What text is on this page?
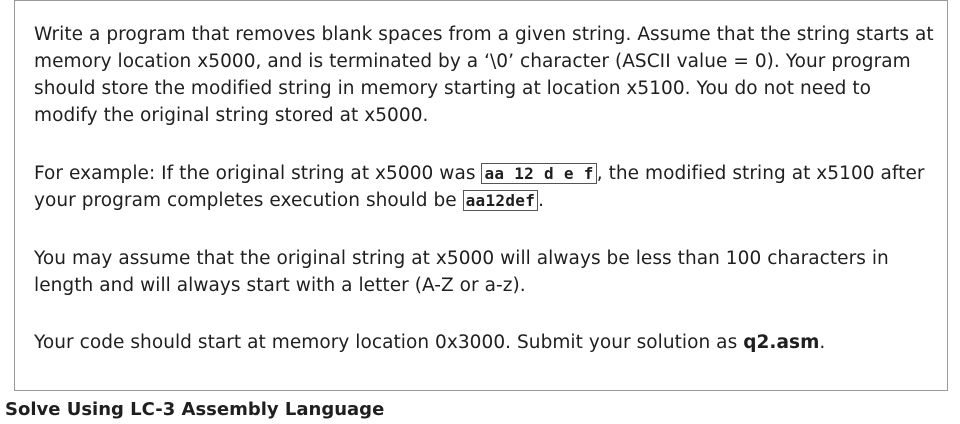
Write a program that removes blank spaces from a given string. Assume that the string starts at memory location x5000, and is terminated by a ‘\0’ character (ASCII value = 0). Your program should store the modified string in memory starting at location x5100. You do not need to modify the original string stored at x5000.

For example: If the original string at x5000 was aa 12 d e f , the modified string at x5100 after your program completes execution should be aa12def .

You may assume that the original string at x5000 will always be less than 100 characters in length and will always start with a letter (A-Z or a-z).

Your code should start at memory location 0x3000. Submit your solution as q2.asm.

Solve Using LC-3 Assembly Language
